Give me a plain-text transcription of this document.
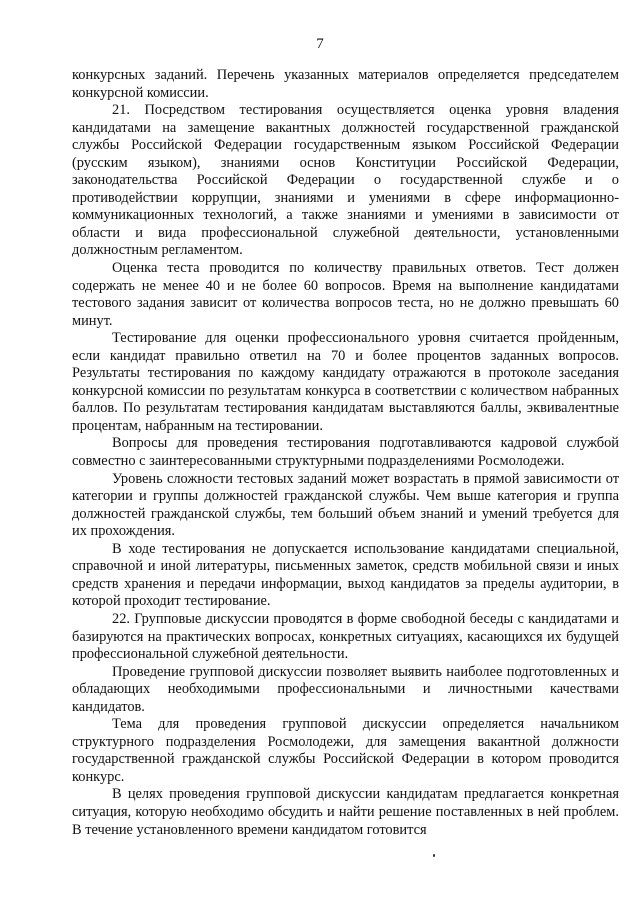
7

конкурсных заданий. Перечень указанных материалов определяется председателем конкурсной комиссии.

21. Посредством тестирования осуществляется оценка уровня владения кандидатами на замещение вакантных должностей государственной гражданской службы Российской Федерации государственным языком Российской Федерации (русским языком), знаниями основ Конституции Российской Федерации, законодательства Российской Федерации о государственной службе и о противодействии коррупции, знаниями и умениями в сфере информационно-коммуникационных технологий, а также знаниями и умениями в зависимости от области и вида профессиональной служебной деятельности, установленными должностным регламентом.

Оценка теста проводится по количеству правильных ответов. Тест должен содержать не менее 40 и не более 60 вопросов. Время на выполнение кандидатами тестового задания зависит от количества вопросов теста, но не должно превышать 60 минут.

Тестирование для оценки профессионального уровня считается пройденным, если кандидат правильно ответил на 70 и более процентов заданных вопросов. Результаты тестирования по каждому кандидату отражаются в протоколе заседания конкурсной комиссии по результатам конкурса в соответствии с количеством набранных баллов. По результатам тестирования кандидатам выставляются баллы, эквивалентные процентам, набранным на тестировании.

Вопросы для проведения тестирования подготавливаются кадровой службой совместно с заинтересованными структурными подразделениями Росмолодежи.

Уровень сложности тестовых заданий может возрастать в прямой зависимости от категории и группы должностей гражданской службы. Чем выше категория и группа должностей гражданской службы, тем больший объем знаний и умений требуется для их прохождения.

В ходе тестирования не допускается использование кандидатами специальной, справочной и иной литературы, письменных заметок, средств мобильной связи и иных средств хранения и передачи информации, выход кандидатов за пределы аудитории, в которой проходит тестирование.

22. Групповые дискуссии проводятся в форме свободной беседы с кандидатами и базируются на практических вопросах, конкретных ситуациях, касающихся их будущей профессиональной служебной деятельности.

Проведение групповой дискуссии позволяет выявить наиболее подготовленных и обладающих необходимыми профессиональными и личностными качествами кандидатов.

Тема для проведения групповой дискуссии определяется начальником структурного подразделения Росмолодежи, для замещения вакантной должности государственной гражданской службы Российской Федерации в котором проводится конкурс.

В целях проведения групповой дискуссии кандидатам предлагается конкретная ситуация, которую необходимо обсудить и найти решение поставленных в ней проблем. В течение установленного времени кандидатом готовится
